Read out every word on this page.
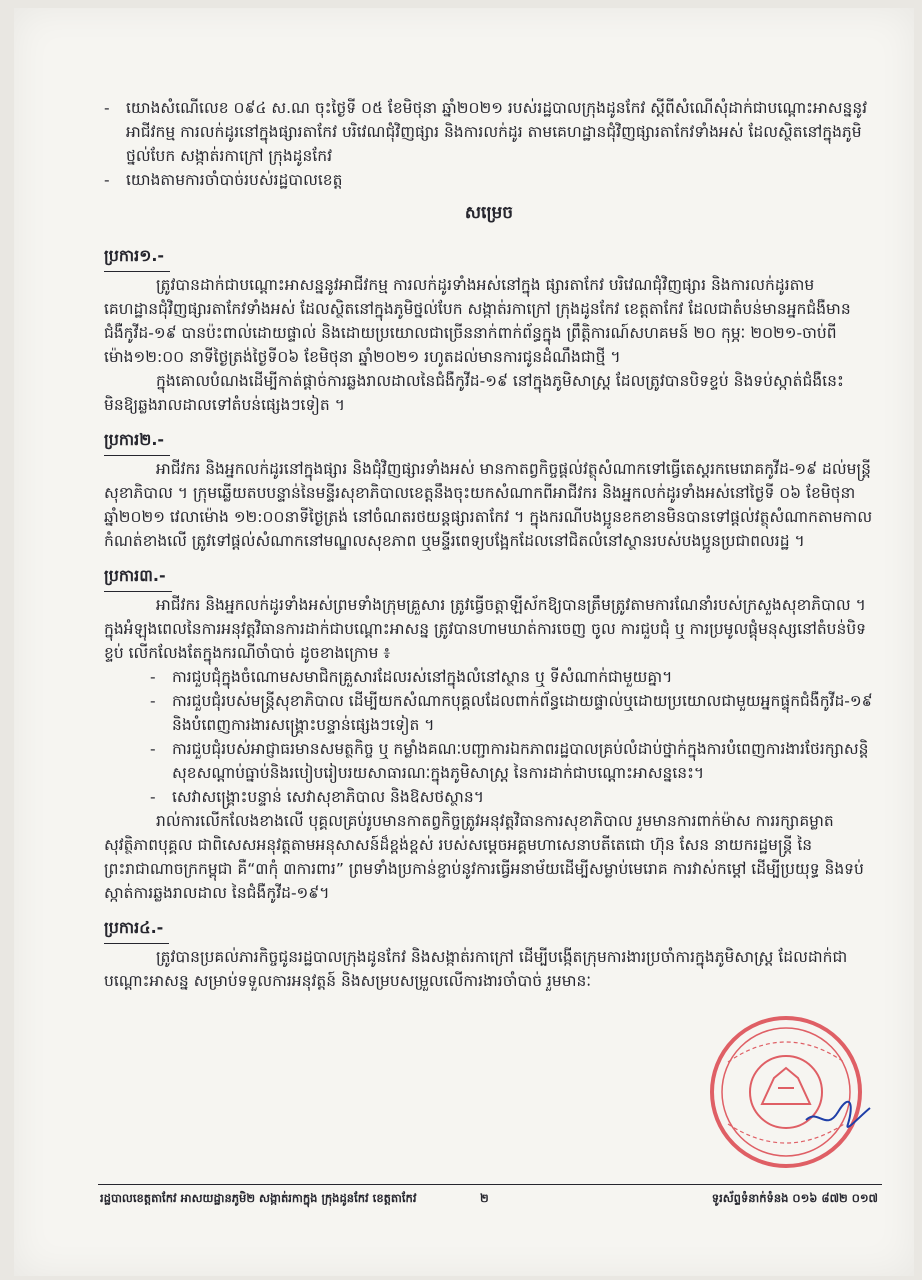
- យោងសំណើលេខ ០៩៤ ស.ណ ចុះថ្ងៃទី ០៥ ខែមិថុនា ឆ្នាំ២០២១ របស់រដ្ឋបាលក្រុងដូនកែវ ស្តីពីសំណើសុំដាក់ជាបណ្តោះអាសន្ននូវអាជីវកម្ម ការលក់ដូរនៅក្នុងផ្សារតាកែវ បរិវេណជុំវិញផ្សារ និងការលក់ដូរ តាមគេហដ្ឋានជុំវិញផ្សារតាកែវទាំងអស់ ដែលស្ថិតនៅក្នុងភូមិថ្នល់បែក សង្កាត់រកាក្រៅ ក្រុងដូនកែវ

- យោងតាមការចាំបាច់របស់រដ្ឋបាលខេត្ត

សម្រេច
ប្រការ១.-

ត្រូវបានដាក់ជាបណ្តោះអាសន្ននូវអាជីវកម្ម ការលក់ដូរទាំងអស់នៅក្នុង ផ្សារតាកែវ បរិវេណជុំវិញផ្សារ និងការលក់ដូរតាមគេហដ្ឋានជុំវិញផ្សារតាកែវទាំងអស់ ដែលស្ថិតនៅក្នុងភូមិថ្នល់បែក សង្កាត់រកាក្រៅ ក្រុងដូនកែវ ខេត្តតាកែវ ដែលជាតំបន់មានអ្នកជំងឺមានជំងឺកូវីដ-១៩ បានប៉ះពាល់ដោយផ្ទាល់ និងដោយប្រយោលជាច្រើននាក់ពាក់ព័ន្ធក្នុង ព្រឹត្តិការណ៍សហគមន៍ ២០ កុម្ភៈ ២០២១-ចាប់ពីម៉ោង១២:០០ នាទីថ្ងៃត្រង់ថ្ងៃទី០៦ ខែមិថុនា ឆ្នាំ២០២១ រហូតដល់មានការជូនដំណឹងជាថ្មី ។

ក្នុងគោលបំណងដើម្បីកាត់ផ្តាច់ការឆ្លងរាលដាលនៃជំងឺកូវីដ-១៩ នៅក្នុងភូមិសាស្ត្រ ដែលត្រូវបានបិទខ្ទប់ និងទប់ស្កាត់ជំងឺនេះមិនឱ្យឆ្លងរាលដាលទៅតំបន់ផ្សេងៗទៀត ។

ប្រការ២.-

អាជីវករ និងអ្នកលក់ដូរនៅក្នុងផ្សារ និងជុំវិញផ្សារទាំងអស់ មានកាតព្វកិច្ចផ្តល់វត្ថុសំណាកទៅធ្វើតេស្តរកមេរោគកូវីដ-១៩ ដល់មន្ត្រីសុខាភិបាល ។ ក្រុមឆ្លើយតបបន្ទាន់នៃមន្ទីរសុខាភិបាលខេត្តនឹងចុះយកសំណាកពីអាជីវករ និងអ្នកលក់ដូរទាំងអស់នៅថ្ងៃទី ០៦ ខែមិថុនា ឆ្នាំ២០២១ វេលាម៉ោង ១២:០០នាទីថ្ងៃត្រង់ នៅចំណតរថយន្តផ្សារតាកែវ ។ ក្នុងករណីបងប្អូនខកខានមិនបានទៅផ្តល់វត្ថុសំណាកតាមកាលកំណត់ខាងលើ ត្រូវទៅផ្តល់សំណាកនៅមណ្ឌលសុខភាព ឬមន្ទីរពេទ្យបង្អែកដែលនៅជិតលំនៅស្ថានរបស់បងប្អូនប្រជាពលរដ្ឋ ។

ប្រការ៣.-

អាជីវករ និងអ្នកលក់ដូរទាំងអស់ព្រមទាំងក្រុមគ្រួសារ ត្រូវធ្វើចត្តាឡីស័កឱ្យបានត្រឹមត្រូវតាមការណែនាំរបស់ក្រសួងសុខាភិបាល ។ ក្នុងអំឡុងពេលនៃការអនុវត្តវិធានការដាក់ជាបណ្តោះអាសន្ន ត្រូវបានហាមឃាត់ការចេញ ចូល ការជួបជុំ ឬ ការប្រមូលផ្តុំមនុស្សនៅតំបន់បិទខ្ទប់ លើកលែងតែក្នុងករណីចាំបាច់ ដូចខាងក្រោម ៖

- ការជួបជុំក្នុងចំណោមសមាជិកគ្រួសារដែលរស់នៅក្នុងលំនៅស្ថាន ឬ ទីសំណាក់ជាមួយគ្នា។

- ការជួបជុំរបស់មន្ត្រីសុខាភិបាល ដើម្បីយកសំណាកបុគ្គលដែលពាក់ព័ន្ធដោយផ្ទាល់ឬដោយប្រយោលជាមួយអ្នកផ្ទុកជំងឺកូវីដ-១៩ និងបំពេញការងារសង្គ្រោះបន្ទាន់ផ្សេងៗទៀត ។

- ការជួបជុំរបស់អាជ្ញាធរមានសមត្ថកិច្ច ឬ កម្លាំងគណៈបញ្ជាការឯកភាពរដ្ឋបាលគ្រប់លំដាប់ថ្នាក់ក្នុងការបំពេញការងារថែរក្សាសន្តិសុខសណ្តាប់ធ្នាប់និងរបៀបរៀបរយសាធារណៈក្នុងភូមិសាស្ត្រ នៃការដាក់ជាបណ្តោះអាសន្ននេះ។

- សេវាសង្គ្រោះបន្ទាន់ សេវាសុខាភិបាល និងឱសថស្ថាន។

រាល់ការលើកលែងខាងលើ បុគ្គលគ្រប់រូបមានកាតព្វកិច្ចត្រូវអនុវត្តវិធានការសុខាភិបាល រួមមានការពាក់ម៉ាស ការរក្សាគម្លាតសុវត្ថិភាពបុគ្គល ជាពិសេសអនុវត្តតាមអនុសាសន៍ដ៏ខ្ពង់ខ្ពស់ របស់សម្តេចអគ្គមហាសេនាបតីតេជោ ហ៊ុន សែន នាយករដ្ឋមន្ត្រី នៃព្រះរាជាណាចក្រកម្ពុជា គឺ“៣កុំ ៣ការពារ” ព្រមទាំងប្រកាន់ខ្ជាប់នូវការធ្វើអនាម័យដើម្បីសម្លាប់មេរោគ ការវាស់កម្តៅ ដើម្បីប្រយុទ្ធ និងទប់ស្កាត់ការឆ្លងរាលដាល នៃជំងឺកូវីដ-១៩។

ប្រការ៤.-

ត្រូវបានប្រគល់ភារកិច្ចជូនរដ្ឋបាលក្រុងដូនកែវ និងសង្កាត់រកាក្រៅ ដើម្បីបង្កើតក្រុមការងារប្រចាំការក្នុងភូមិសាស្ត្រ ដែលដាក់ជាបណ្តោះអាសន្ន សម្រាប់ទទួលការអនុវត្តន៍ និងសម្របសម្រួលលើការងារចាំបាច់ រួមមានៈ

រដ្ឋបាលខេត្តតាកែវ អាសយដ្ឋានភូមិ២ សង្កាត់រកាក្នុង ក្រុងដូនកែវ ខេត្តតាកែវ	២	ទូរស័ព្ទទំនាក់ទំនង ០១៦ ៨៧២ ០១៧
